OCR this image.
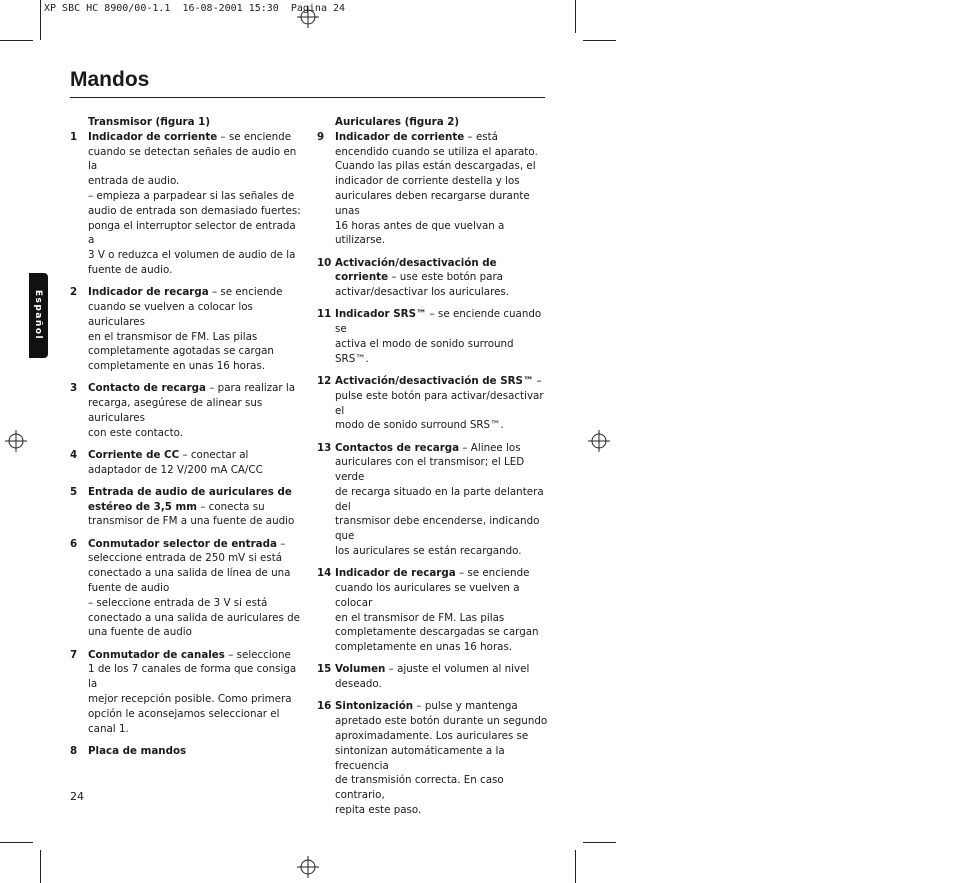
XP SBC HC 8900/00-1.1  16-08-2001 15:30  Pagina 24
Mandos
Español
Transmisor (figura 1)
1 Indicador de corriente – se enciende
cuando se detectan señales de audio en la
entrada de audio.
– empieza a parpadear si las señales de
audio de entrada son demasiado fuertes:
ponga el interruptor selector de entrada a
3 V o reduzca el volumen de audio de la
fuente de audio.
2 Indicador de recarga – se enciende
cuando se vuelven a colocar los auriculares
en el transmisor de FM. Las pilas
completamente agotadas se cargan
completamente en unas 16 horas.
3 Contacto de recarga – para realizar la
recarga, asegúrese de alinear sus auriculares
con este contacto.
4 Corriente de CC – conectar al
adaptador de 12 V/200 mA CA/CC
5 Entrada de audio de auriculares de
estéreo de 3,5 mm – conecta su
transmisor de FM a una fuente de audio
6 Conmutador selector de entrada –
seleccione entrada de 250 mV si está
conectado a una salida de línea de una
fuente de audio
– seleccione entrada de 3 V si está
conectado a una salida de auriculares de
una fuente de audio
7 Conmutador de canales – seleccione
1 de los 7 canales de forma que consiga la
mejor recepción posible. Como primera
opción le aconsejamos seleccionar el canal 1.
8 Placa de mandos
Auriculares (figura 2)
9 Indicador de corriente – está
encendido cuando se utiliza el aparato.
Cuando las pilas están descargadas, el
indicador de corriente destella y los
auriculares deben recargarse durante unas
16 horas antes de que vuelvan a utilizarse.
10 Activación/desactivación de
corriente – use este botón para
activar/desactivar los auriculares.
11 Indicador SRS™ – se enciende cuando se
activa el modo de sonido surround SRS™.
12 Activación/desactivación de SRS™ –
pulse este botón para activar/desactivar el
modo de sonido surround SRS™.
13 Contactos de recarga – Alinee los
auriculares con el transmisor; el LED verde
de recarga situado en la parte delantera del
transmisor debe encenderse, indicando que
los auriculares se están recargando.
14 Indicador de recarga – se enciende
cuando los auriculares se vuelven a colocar
en el transmisor de FM. Las pilas
completamente descargadas se cargan
completamente en unas 16 horas.
15 Volumen – ajuste el volumen al nivel
deseado.
16 Sintonización – pulse y mantenga
apretado este botón durante un segundo
aproximadamente. Los auriculares se
sintonizan automáticamente a la frecuencia
de transmisión correcta. En caso contrario,
repita este paso.
24
